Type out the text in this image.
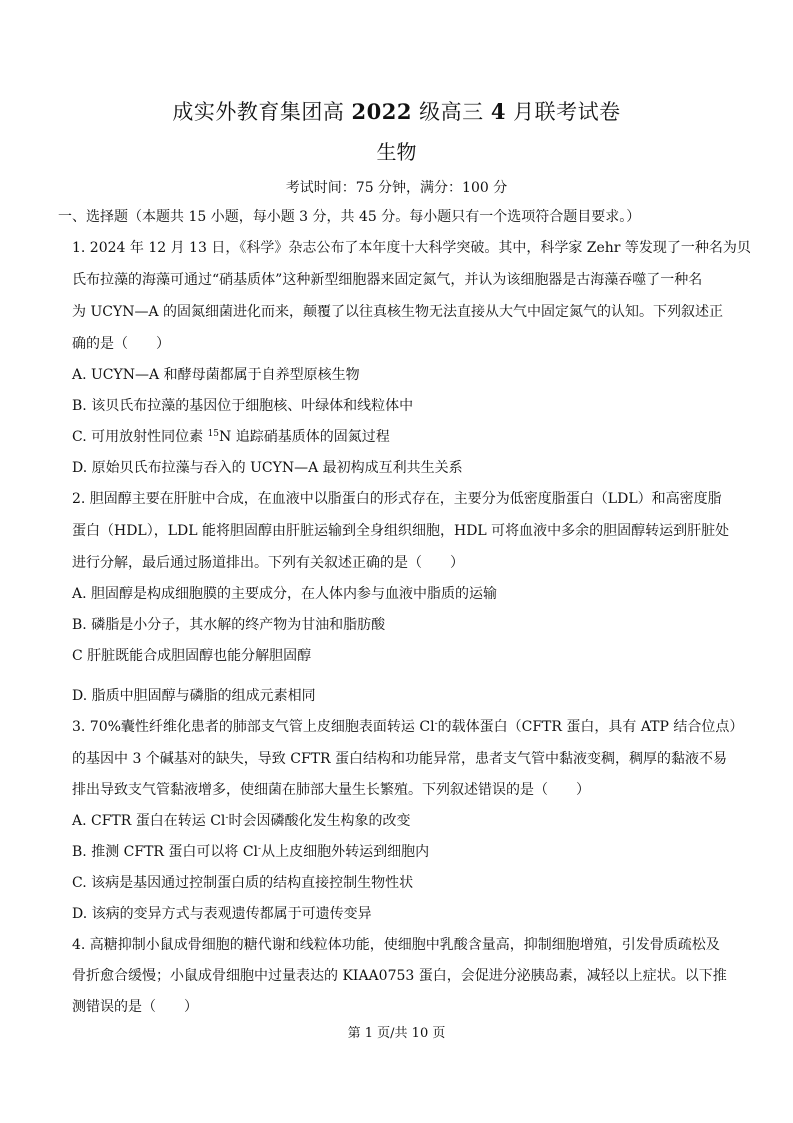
成实外教育集团高 2022 级高三 4 月联考试卷
生物
考试时间：75 分钟，满分：100 分
一、选择题（本题共 15 小题，每小题 3 分，共 45 分。每小题只有一个选项符合题目要求。）
1. 2024 年 12 月 13 日，《科学》杂志公布了本年度十大科学突破。其中，科学家 Zehr 等发现了一种名为贝
氏布拉藻的海藻可通过“硝基质体”这种新型细胞器来固定氮气，并认为该细胞器是古海藻吞噬了一种名
为 UCYN—A 的固氮细菌进化而来，颠覆了以往真核生物无法直接从大气中固定氮气的认知。下列叙述正
确的是（　　）
A. UCYN—A 和酵母菌都属于自养型原核生物
B. 该贝氏布拉藻的基因位于细胞核、叶绿体和线粒体中
C. 可用放射性同位素 $^{15}$N 追踪硝基质体的固氮过程
D. 原始贝氏布拉藻与吞入的 UCYN—A 最初构成互利共生关系
2. 胆固醇主要在肝脏中合成，在血液中以脂蛋白的形式存在，主要分为低密度脂蛋白（LDL）和高密度脂
蛋白（HDL），LDL 能将胆固醇由肝脏运输到全身组织细胞，HDL 可将血液中多余的胆固醇转运到肝脏处
进行分解，最后通过肠道排出。下列有关叙述正确的是（　　）
A. 胆固醇是构成细胞膜的主要成分，在人体内参与血液中脂质的运输
B. 磷脂是小分子，其水解的终产物为甘油和脂肪酸
C 肝脏既能合成胆固醇也能分解胆固醇
D. 脂质中胆固醇与磷脂的组成元素相同
3. 70%囊性纤维化患者的肺部支气管上皮细胞表面转运 Cl-的载体蛋白（CFTR 蛋白，具有 ATP 结合位点）
的基因中 3 个碱基对的缺失，导致 CFTR 蛋白结构和功能异常，患者支气管中黏液变稠，稠厚的黏液不易
排出导致支气管黏液增多，使细菌在肺部大量生长繁殖。下列叙述错误的是（　　）
A. CFTR 蛋白在转运 Cl-时会因磷酸化发生构象的改变
B. 推测 CFTR 蛋白可以将 Cl-从上皮细胞外转运到细胞内
C. 该病是基因通过控制蛋白质的结构直接控制生物性状
D. 该病的变异方式与表观遗传都属于可遗传变异
4. 高糖抑制小鼠成骨细胞的糖代谢和线粒体功能，使细胞中乳酸含量高，抑制细胞增殖，引发骨质疏松及
骨折愈合缓慢；小鼠成骨细胞中过量表达的 KIAA0753 蛋白，会促进分泌胰岛素，减轻以上症状。以下推
测错误的是（　　）
第 1 页/共 10 页
